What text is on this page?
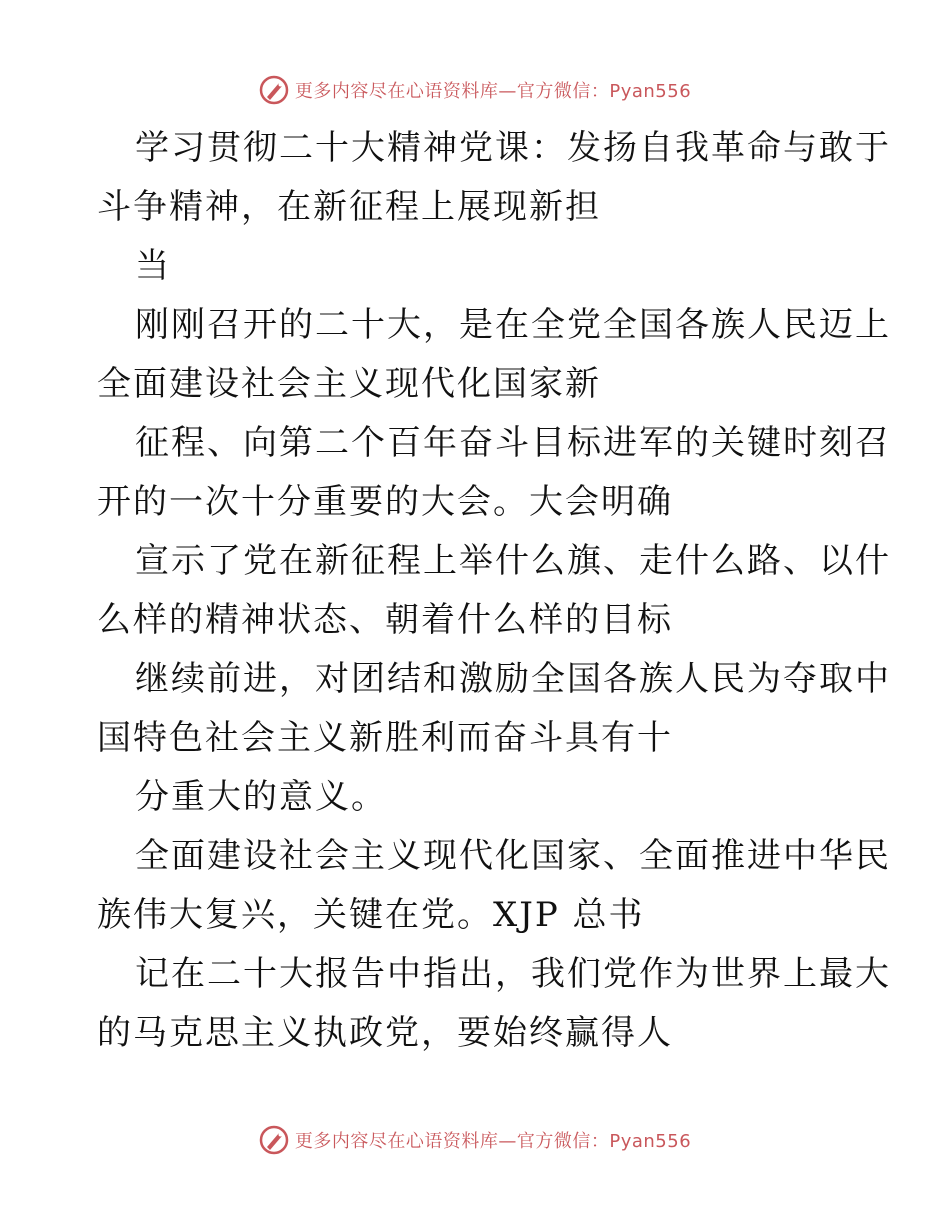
更多内容尽在心语资料库—官方微信：Pyan556
学习贯彻二十大精神党课：发扬自我革命与敢于
斗争精神，在新征程上展现新担
当
刚刚召开的二十大，是在全党全国各族人民迈上
全面建设社会主义现代化国家新
征程、向第二个百年奋斗目标进军的关键时刻召
开的一次十分重要的大会。大会明确
宣示了党在新征程上举什么旗、走什么路、以什
么样的精神状态、朝着什么样的目标
继续前进，对团结和激励全国各族人民为夺取中
国特色社会主义新胜利而奋斗具有十
分重大的意义。
全面建设社会主义现代化国家、全面推进中华民
族伟大复兴，关键在党。XJP 总书
记在二十大报告中指出，我们党作为世界上最大
的马克思主义执政党，要始终赢得人
更多内容尽在心语资料库—官方微信：Pyan556
